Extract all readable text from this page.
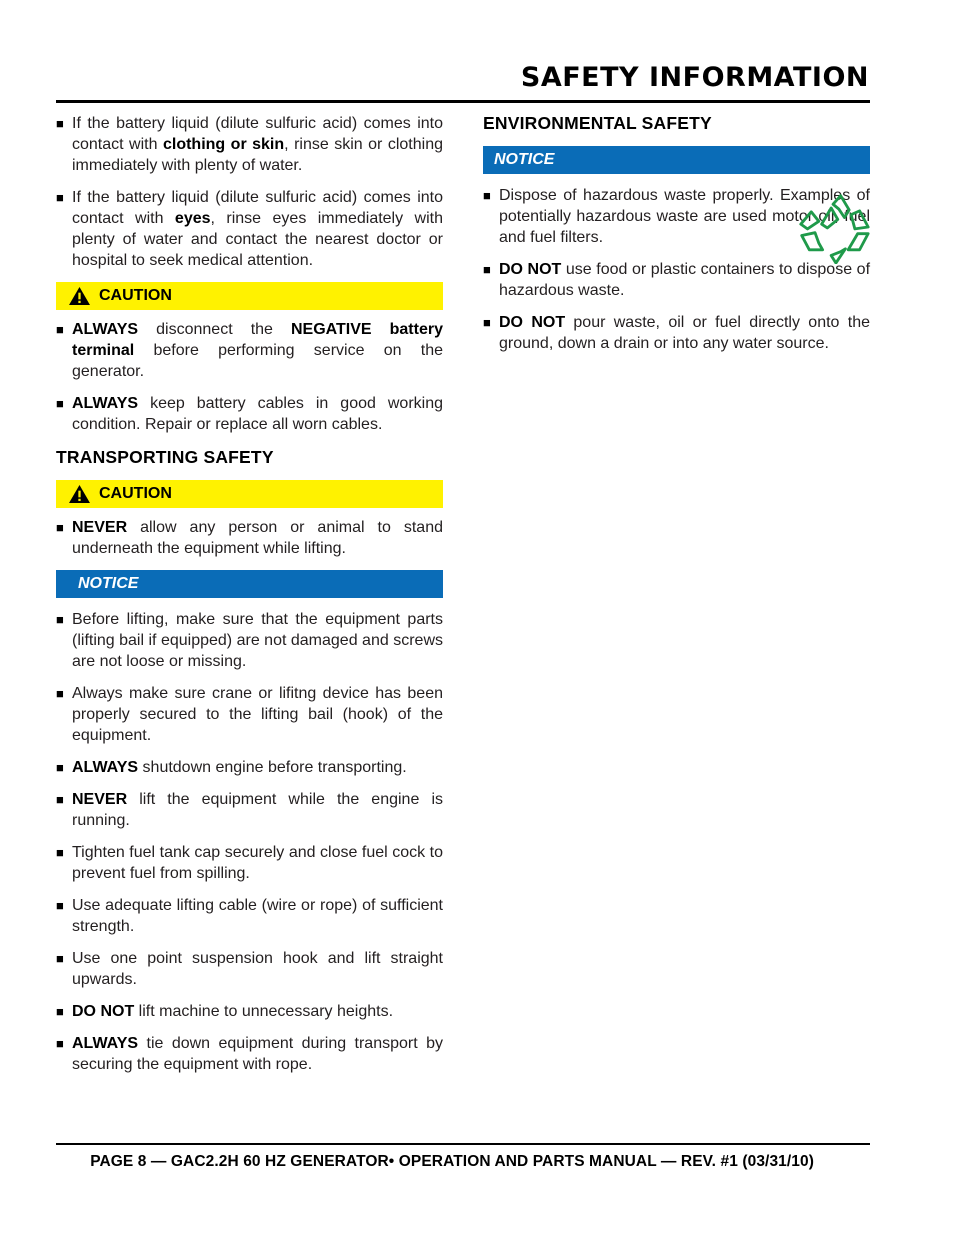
SAFETY INFORMATION
■ If the battery liquid (dilute sulfuric acid) comes into contact with clothing or skin, rinse skin or clothing immediately with plenty of water.
■ If the battery liquid (dilute sulfuric acid) comes into contact with eyes, rinse eyes immediately with plenty of water and contact the nearest doctor or hospital to seek medical attention.
CAUTION
■ ALWAYS disconnect the NEGATIVE battery terminal before performing service on the generator.
■ ALWAYS keep battery cables in good working condition. Repair or replace all worn cables.
TRANSPORTING SAFETY
CAUTION
■ NEVER allow any person or animal to stand underneath the equipment while lifting.
NOTICE
■ Before lifting, make sure that the equipment parts (lifting bail if equipped) are not damaged and screws are not loose or missing.
■ Always make sure crane or lifitng device has been properly secured to the lifting bail (hook) of the equipment.
■ ALWAYS shutdown engine before transporting.
■ NEVER lift the equipment while the engine is running.
■ Tighten fuel tank cap securely and close fuel cock to prevent fuel from spilling.
■ Use adequate lifting cable (wire or rope) of sufficient strength.
■ Use one point suspension hook and lift straight upwards.
■ DO NOT lift machine to unnecessary heights.
■ ALWAYS tie down equipment during transport by securing the equipment with rope.
ENVIRONMENTAL SAFETY
NOTICE
■ Dispose of hazardous waste properly. Examples of potentially hazardous waste are used motor oil, fuel and fuel filters.
■ DO NOT use food or plastic containers to dispose of hazardous waste.
■ DO NOT pour waste, oil or fuel directly onto the ground, down a drain or into any water source.
PAGE 8 — GAC2.2H 60 HZ GENERATOR• OPERATION AND PARTS MANUAL — REV. #1 (03/31/10)
